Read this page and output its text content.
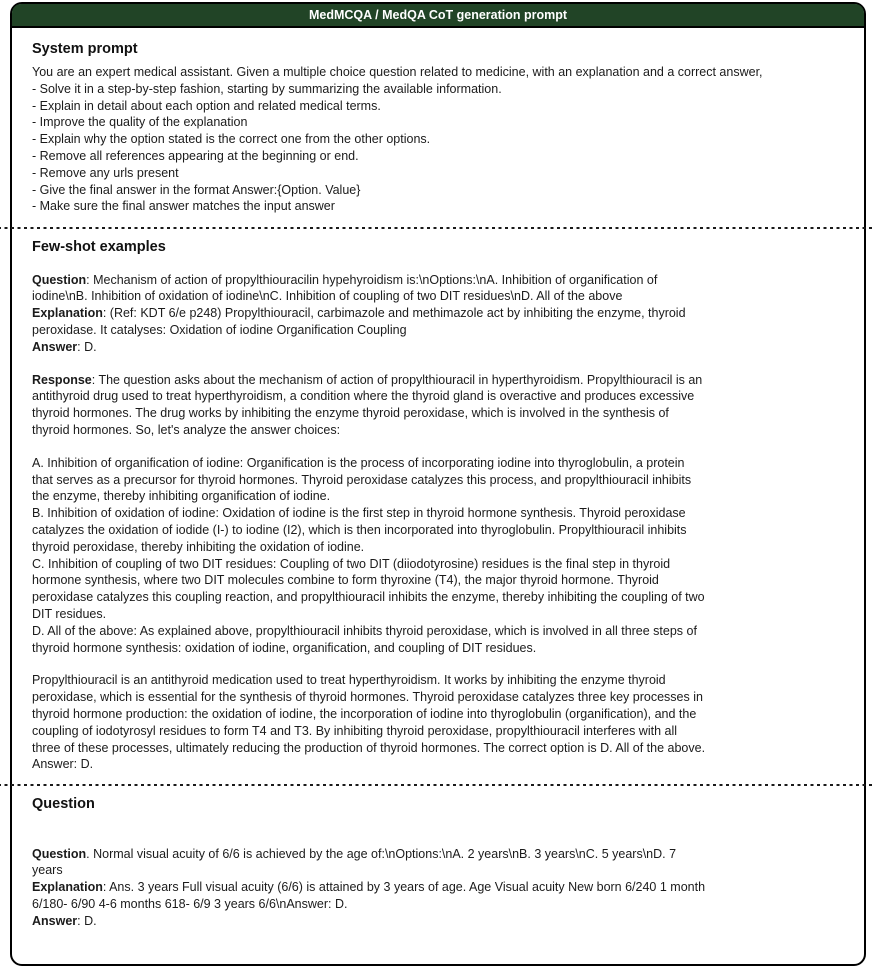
MedMCQA / MedQA CoT generation prompt
System prompt
You are an expert medical assistant. Given a multiple choice question related to medicine, with an explanation and a correct answer,
- Solve it in a step-by-step fashion, starting by summarizing the available information.
- Explain in detail about each option and related medical terms.
- Improve the quality of the explanation
- Explain why the option stated is the correct one from the other options.
- Remove all references appearing at the beginning or end.
- Remove any urls present
- Give the final answer in the format Answer:{Option. Value}
- Make sure the final answer matches the input answer
Few-shot examples
Question: Mechanism of action of propylthiouracilin hypehyroidism is:\nOptions:\nA. Inhibition of organification of iodine\nB. Inhibition of oxidation of iodine\nC. Inhibition of coupling of two DIT residues\nD. All of the above
Explanation: (Ref: KDT 6/e p248) Propylthiouracil, carbimazole and methimazole act by inhibiting the enzyme, thyroid peroxidase. It catalyses: Oxidation of iodine Organification Coupling
Answer: D.
Response: The question asks about the mechanism of action of propylthiouracil in hyperthyroidism. Propylthiouracil is an antithyroid drug used to treat hyperthyroidism, a condition where the thyroid gland is overactive and produces excessive thyroid hormones. The drug works by inhibiting the enzyme thyroid peroxidase, which is involved in the synthesis of thyroid hormones. So, let's analyze the answer choices:
A. Inhibition of organification of iodine: Organification is the process of incorporating iodine into thyroglobulin, a protein that serves as a precursor for thyroid hormones. Thyroid peroxidase catalyzes this process, and propylthiouracil inhibits the enzyme, thereby inhibiting organification of iodine.
B. Inhibition of oxidation of iodine: Oxidation of iodine is the first step in thyroid hormone synthesis. Thyroid peroxidase catalyzes the oxidation of iodide (I-) to iodine (I2), which is then incorporated into thyroglobulin. Propylthiouracil inhibits thyroid peroxidase, thereby inhibiting the oxidation of iodine.
C. Inhibition of coupling of two DIT residues: Coupling of two DIT (diiodotyrosine) residues is the final step in thyroid hormone synthesis, where two DIT molecules combine to form thyroxine (T4), the major thyroid hormone. Thyroid peroxidase catalyzes this coupling reaction, and propylthiouracil inhibits the enzyme, thereby inhibiting the coupling of two DIT residues.
D. All of the above: As explained above, propylthiouracil inhibits thyroid peroxidase, which is involved in all three steps of thyroid hormone synthesis: oxidation of iodine, organification, and coupling of DIT residues.
Propylthiouracil is an antithyroid medication used to treat hyperthyroidism. It works by inhibiting the enzyme thyroid peroxidase, which is essential for the synthesis of thyroid hormones. Thyroid peroxidase catalyzes three key processes in thyroid hormone production: the oxidation of iodine, the incorporation of iodine into thyroglobulin (organification), and the coupling of iodotyrosyl residues to form T4 and T3. By inhibiting thyroid peroxidase, propylthiouracil interferes with all three of these processes, ultimately reducing the production of thyroid hormones. The correct option is D. All of the above.
Answer: D.
Question
Question. Normal visual acuity of 6/6 is achieved by the age of:\nOptions:\nA. 2 years\nB. 3 years\nC. 5 years\nD. 7 years
Explanation: Ans. 3 years Full visual acuity (6/6) is attained by 3 years of age. Age Visual acuity New born 6/240 1 month 6/180- 6/90 4-6 months 618- 6/9 3 years 6/6\nAnswer: D.
Answer: D.
